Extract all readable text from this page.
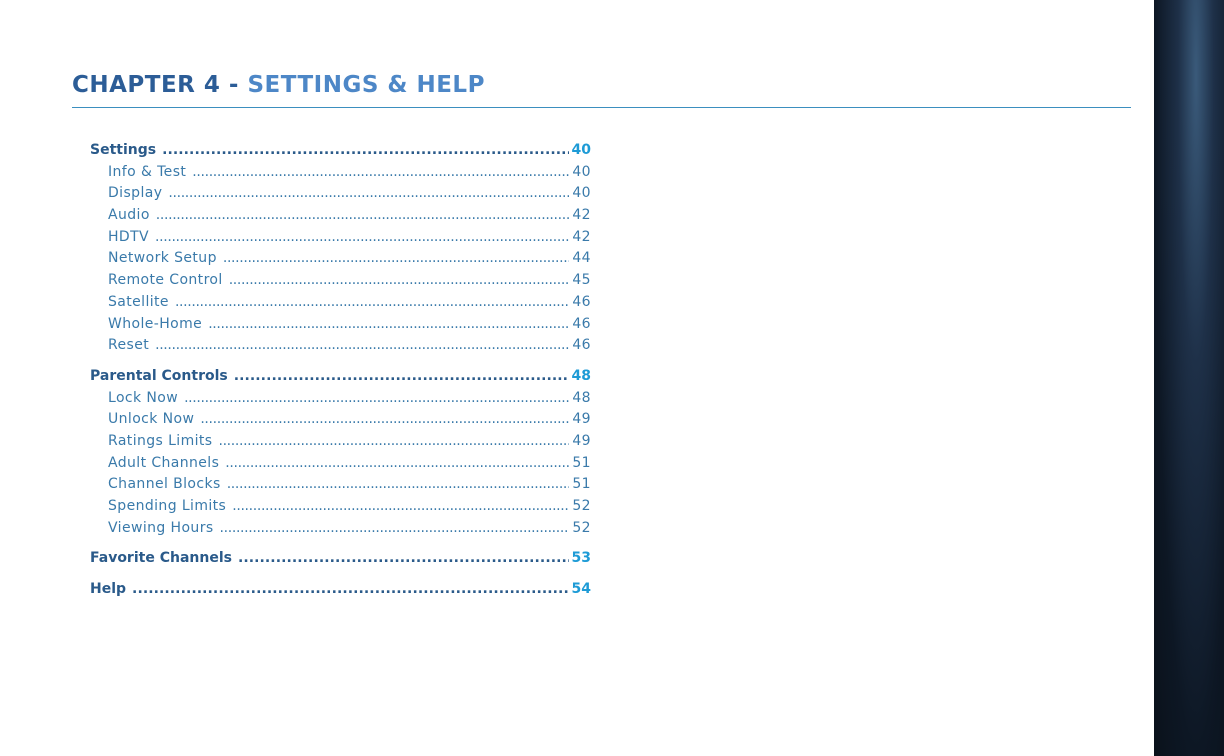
CHAPTER 4 - SETTINGS & HELP
Settings . . .	40
Info & Test . . .	40
Display . . .	40
Audio . . .	42
HDTV . . .	42
Network Setup . . .	44
Remote Control . . .	45
Satellite . . .	46
Whole-Home . . .	46
Reset . . .	46
Parental Controls . . .	48
Lock Now . . .	48
Unlock Now . . .	49
Ratings Limits . . .	49
Adult Channels . . .	51
Channel Blocks . . .	51
Spending Limits . . .	52
Viewing Hours . . .	52
Favorite Channels . . .	53
Help . . .	54
